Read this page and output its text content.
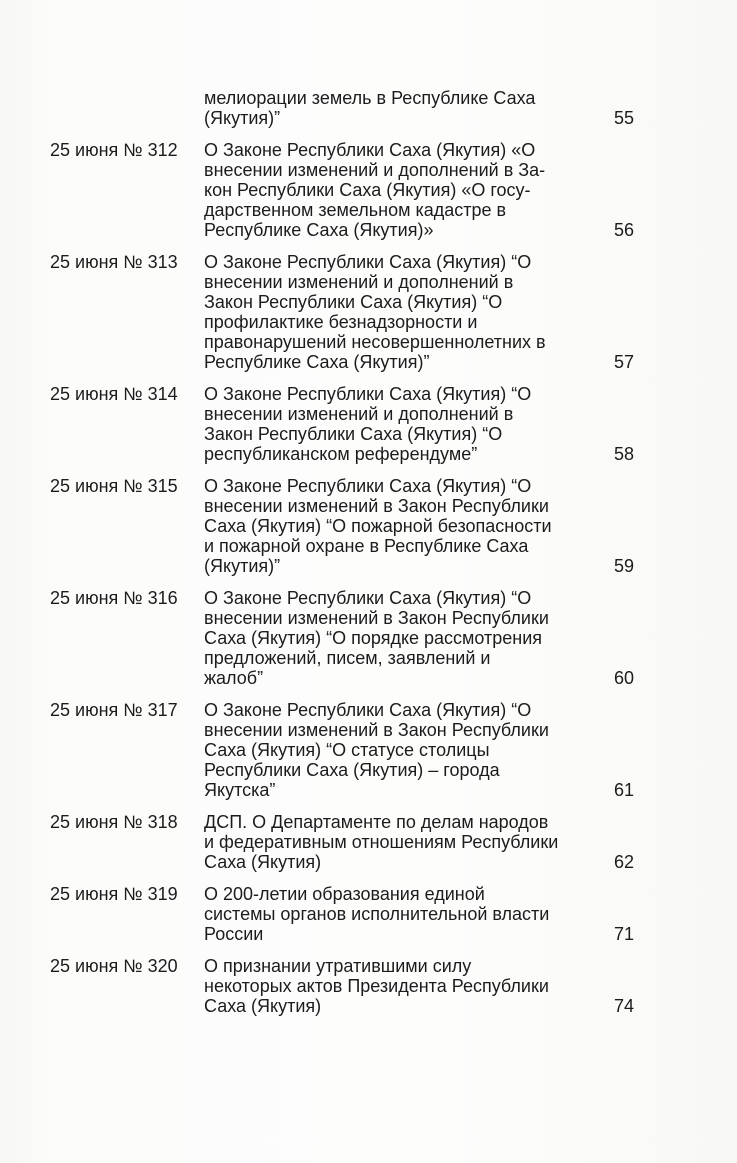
мелиорации земель в Республике Саха
(Якутия)”	55
25 июня № 312	О Законе Республики Саха (Якутия) «О
внесении изменений и дополнений в За-
кон Республики Саха (Якутия) «О госу-
дарственном земельном кадастре в
Республике Саха (Якутия)»	56
25 июня № 313	О Законе Республики Саха (Якутия) “О
внесении изменений и дополнений в
Закон Республики Саха (Якутия) “О
профилактике безнадзорности и
правонарушений несовершеннолетних в
Республике Саха (Якутия)”	57
25 июня № 314	О Законе Республики Саха (Якутия) “О
внесении изменений и дополнений в
Закон Республики Саха (Якутия) “О
республиканском референдуме”	58
25 июня № 315	О Законе Республики Саха (Якутия) “О
внесении изменений в Закон Республики
Саха (Якутия) “О пожарной безопасности
и пожарной охране в Республике Саха
(Якутия)”	59
25 июня № 316	О Законе Республики Саха (Якутия) “О
внесении изменений в Закон Республики
Саха (Якутия) “О порядке рассмотрения
предложений, писем, заявлений и
жалоб”	60
25 июня № 317	О Законе Республики Саха (Якутия) “О
внесении изменений в Закон Республики
Саха (Якутия) “О статусе столицы
Республики Саха (Якутия) – города
Якутска”	61
25 июня № 318	ДСП. О Департаменте по делам народов
и федеративным отношениям Республики
Саха (Якутия)	62
25 июня № 319	О 200-летии образования единой
системы органов исполнительной власти
России	71
25 июня № 320	О признании утратившими силу
некоторых актов Президента Республики
Саха (Якутия)	74
